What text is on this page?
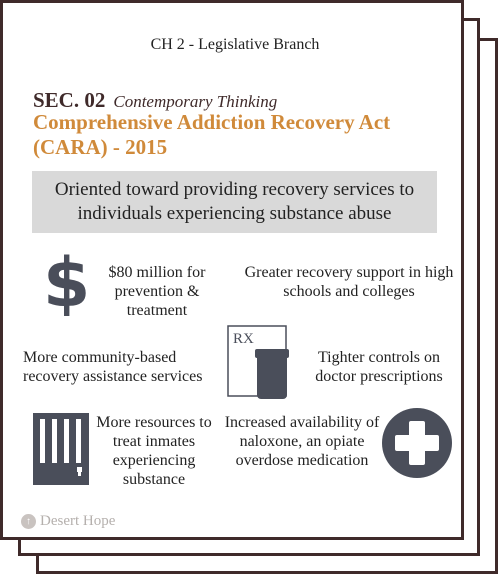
CH 2 - Legislative Branch
SEC. 02 Contemporary Thinking
Comprehensive Addiction Recovery Act (CARA) - 2015
Oriented toward providing recovery services to individuals experiencing substance abuse
$	$80 million for prevention & treatment
Greater recovery support in high schools and colleges
More community-based recovery assistance services
RX
Tighter controls on doctor prescriptions
More resources to treat inmates experiencing substance
Increased availability of naloxone, an opiate overdose medication
↑ Desert Hope
